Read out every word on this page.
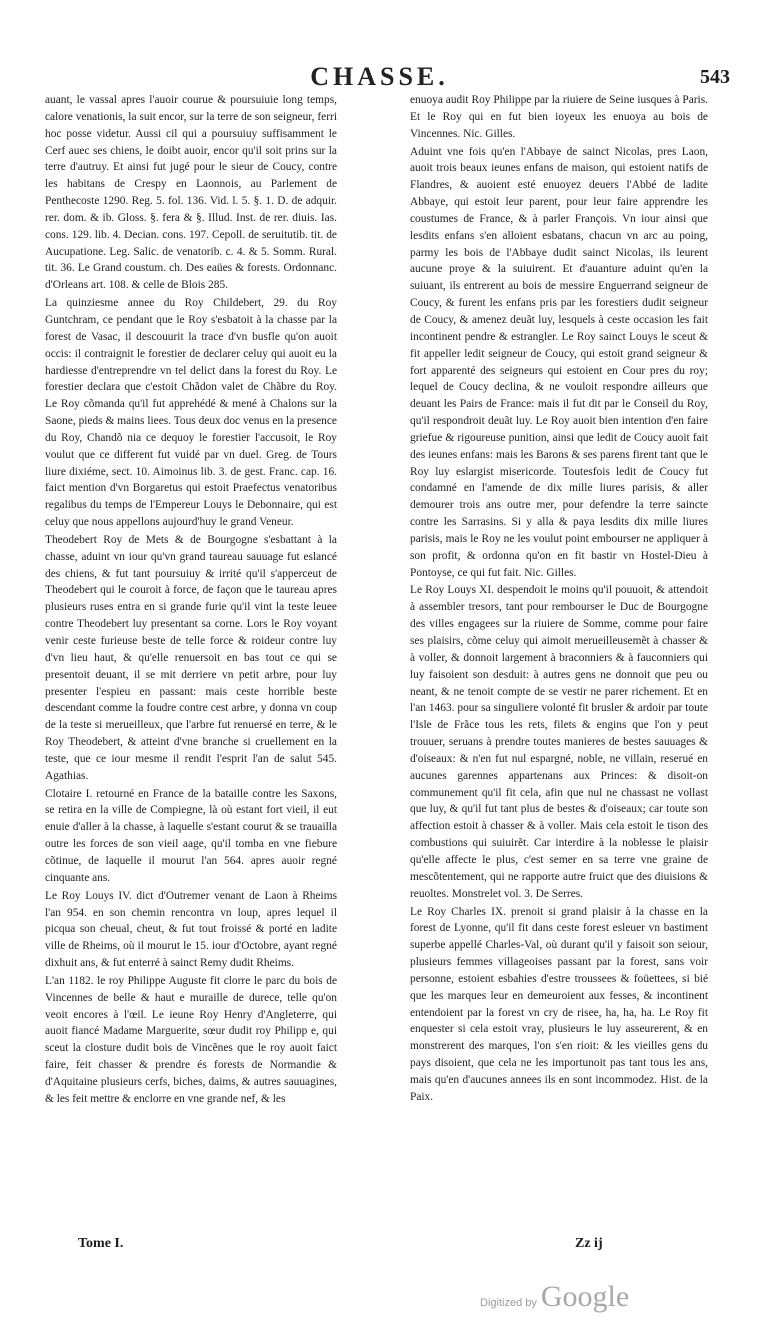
CHASSE.	543

auant, le vassal apres l'auoir courue & poursuiuie long temps, calore venationis, la suit encor, sur la terre de son seigneur, ferri hoc posse videtur. Aussi cil qui a poursuiuy suffisamment le Cerf auec ses chiens, le doibt auoir, encor qu'il soit prins sur la terre d'autruy. Et ainsi fut jugé pour le sieur de Coucy, contre les habitans de Crespy en Laonnois, au Parlement de Penthecoste 1290. Reg. 5. fol. 136. Vid. l. 5. §. 1. D. de adquir. rer. dom. & ib. Gloss. §. fera & §. Illud. Inst. de rer. diuis. Ias. cons. 129. lib. 4. Decian. cons. 197. Cepoll. de seruitutib. tit. de Aucupatione. Leg. Salic. de venatorib. c. 4. & 5. Somm. Rural. tit. 36. Le Grand coustum. ch. Des eaües & forests. Ordonnanc. d'Orleans art. 108. & celle de Blois 285.

La quinziesme annee du Roy Childebert, 29. du Roy Guntchram, ce pendant que le Roy s'esbatoit à la chasse par la forest de Vasac, il descouurit la trace d'vn busfle qu'on auoit occis: il contraignit le forestier de declarer celuy qui auoit eu la hardiesse d'entreprendre vn tel delict dans la forest du Roy. Le forestier declara que c'estoit Chãdon valet de Chãbre du Roy. Le Roy cõmanda qu'il fut apprehédé & mené à Chalons sur la Saone, pieds & mains liees. Tous deux doc venus en la presence du Roy, Chandõ nia ce dequoy le forestier l'accusoit, le Roy voulut que ce different fut vuidé par vn duel. Greg. de Tours liure dixiéme, sect. 10. Aimoinus lib. 3. de gest. Franc. cap. 16. faict mention d'vn Borgaretus qui estoit Praefectus venatoribus regalibus du temps de l'Empereur Louys le Debonnaire, qui est celuy que nous appellons aujourd'huy le grand Veneur.

Theodebert Roy de Mets & de Bourgogne s'esbattant à la chasse, aduint vn iour qu'vn grand taureau sauuage fut eslancé des chiens, & fut tant poursuiuy & irrité qu'il s'apperceut de Theodebert qui le couroit à force, de façon que le taureau apres plusieurs ruses entra en si grande furie qu'il vint la teste leuee contre Theodebert luy presentant sa corne. Lors le Roy voyant venir ceste furieuse beste de telle force & roideur contre luy d'vn lieu haut, & qu'elle renuersoit en bas tout ce qui se presentoit deuant, il se mit derriere vn petit arbre, pour luy presenter l'espieu en passant: mais ceste horrible beste descendant comme la foudre contre cest arbre, y donna vn coup de la teste si merueilleux, que l'arbre fut renuersé en terre, & le Roy Theodebert, & atteint d'vne branche si cruellement en la teste, que ce iour mesme il rendit l'esprit l'an de salut 545. Agathias.

Clotaire I. retourné en France de la bataille contre les Saxons, se retira en la ville de Compiegne, là où estant fort vieil, il eut enuie d'aller à la chasse, à laquelle s'estant courut & se trauailla outre les forces de son vieil aage, qu'il tomba en vne fiebure cõtinue, de laquelle il mourut l'an 564. apres auoir regné cinquante ans.

Le Roy Louys IV. dict d'Outremer venant de Laon à Rheims l'an 954. en son chemin rencontra vn loup, apres lequel il picqua son cheual, cheut, & fut tout froissé & porté en ladite ville de Rheims, où il mourut le 15. iour d'Octobre, ayant regné dixhuit ans, & fut enterré à sainct Remy dudit Rheims.

L'an 1182. le roy Philippe Auguste fit clorre le parc du bois de Vincennes de belle & haut e muraille de durece, telle qu'on veoit encores à l'œil. Le ieune Roy Henry d'Angleterre, qui auoit fiancé Madame Marguerite, sœur dudit roy Philipp e, qui sceut la closture dudit bois de Vincẽnes que le roy auoit faict faire, feit chasser & prendre és forests de Normandie & d'Aquitaine plusieurs cerfs, biches, daims, & autres sauuagines, & les feit mettre & enclorre en vne grande nef, & les

enuoya audit Roy Philippe par la riuiere de Seine iusques à Paris. Et le Roy qui en fut bien ioyeux les enuoya au bois de Vincennes. Nic. Gilles.

Aduint vne fois qu'en l'Abbaye de sainct Nicolas, pres Laon, auoit trois beaux ieunes enfans de maison, qui estoient natifs de Flandres, & auoient esté enuoyez deuers l'Abbé de ladite Abbaye, qui estoit leur parent, pour leur faire apprendre les coustumes de France, & à parler François. Vn iour ainsi que lesdits enfans s'en alloient esbatans, chacun vn arc au poing, parmy les bois de l'Abbaye dudit sainct Nicolas, ils leurent aucune proye & la suiuirent. Et d'auanture aduint qu'en la suiuant, ils entrerent au bois de messire Enguerrand seigneur de Coucy, & furent les enfans pris par les forestiers dudit seigneur de Coucy, & amenez deuãt luy, lesquels à ceste occasion les fait incontinent pendre & estrangler. Le Roy sainct Louys le sceut & fit appeller ledit seigneur de Coucy, qui estoit grand seigneur & fort apparenté des seigneurs qui estoient en Cour pres du roy; lequel de Coucy declina, & ne vouloit respondre ailleurs que deuant les Pairs de France: mais il fut dit par le Conseil du Roy, qu'il respondroit deuãt luy. Le Roy auoit bien intention d'en faire griefue & rigoureuse punition, ainsi que ledit de Coucy auoit fait des ieunes enfans: mais les Barons & ses parens firent tant que le Roy luy eslargist misericorde. Toutesfois ledit de Coucy fut condamné en l'amende de dix mille liures parisis, & aller demourer trois ans outre mer, pour defendre la terre saincte contre les Sarrasins. Si y alla & paya lesdits dix mille liures parisis, mais le Roy ne les voulut point embourser ne appliquer à son profit, & ordonna qu'on en fit bastir vn Hostel-Dieu à Pontoyse, ce qui fut fait. Nic. Gilles.

Le Roy Louys XI. despendoit le moins qu'il pouuoit, & attendoit à assembler tresors, tant pour rembourser le Duc de Bourgogne des villes engagees sur la riuiere de Somme, comme pour faire ses plaisirs, cõme celuy qui aimoit merueilleusemẽt à chasser & à voller, & donnoit largement à braconniers & à fauconniers qui luy faisoient son desduit: à autres gens ne donnoit que peu ou neant, & ne tenoit compte de se vestir ne parer richement. Et en l'an 1463. pour sa singuliere volonté fit brusler & ardoir par toute l'Isle de Frãce tous les rets, filets & engins que l'on y peut trouuer, seruans à prendre toutes manieres de bestes sauuages & d'oiseaux: & n'en fut nul espargné, noble, ne villain, reserué en aucunes garennes appartenans aux Princes: & disoit-on communement qu'il fit cela, afin que nul ne chassast ne vollast que luy, & qu'il fut tant plus de bestes & d'oiseaux; car toute son affection estoit à chasser & à voller. Mais cela estoit le tison des combustions qui suiuirẽt. Car interdire à la noblesse le plaisir qu'elle affecte le plus, c'est semer en sa terre vne graine de mescõtentement, qui ne rapporte autre fruict que des diuisions & reuoltes. Monstrelet vol. 3. De Serres.

Le Roy Charles IX. prenoit si grand plaisir à la chasse en la forest de Lyonne, qu'il fit dans ceste forest esleuer vn bastiment superbe appellé Charles-Val, où durant qu'il y faisoit son seiour, plusieurs femmes villageoises passant par la forest, sans voir personne, estoient esbahies d'estre troussees & foüettees, si bié que les marques leur en demeuroient aux fesses, & incontinent entendoient par la forest vn cry de risee, ha, ha, ha. Le Roy fit enquester si cela estoit vray, plusieurs le luy asseurerent, & en monstrerent des marques, l'on s'en rioit: & les vieilles gens du pays disoient, que cela ne les importunoit pas tant tous les ans, mais qu'en d'aucunes annees ils en sont incommodez. Hist. de la Paix.

Tome I.	Zz ij
Digitized by Google
